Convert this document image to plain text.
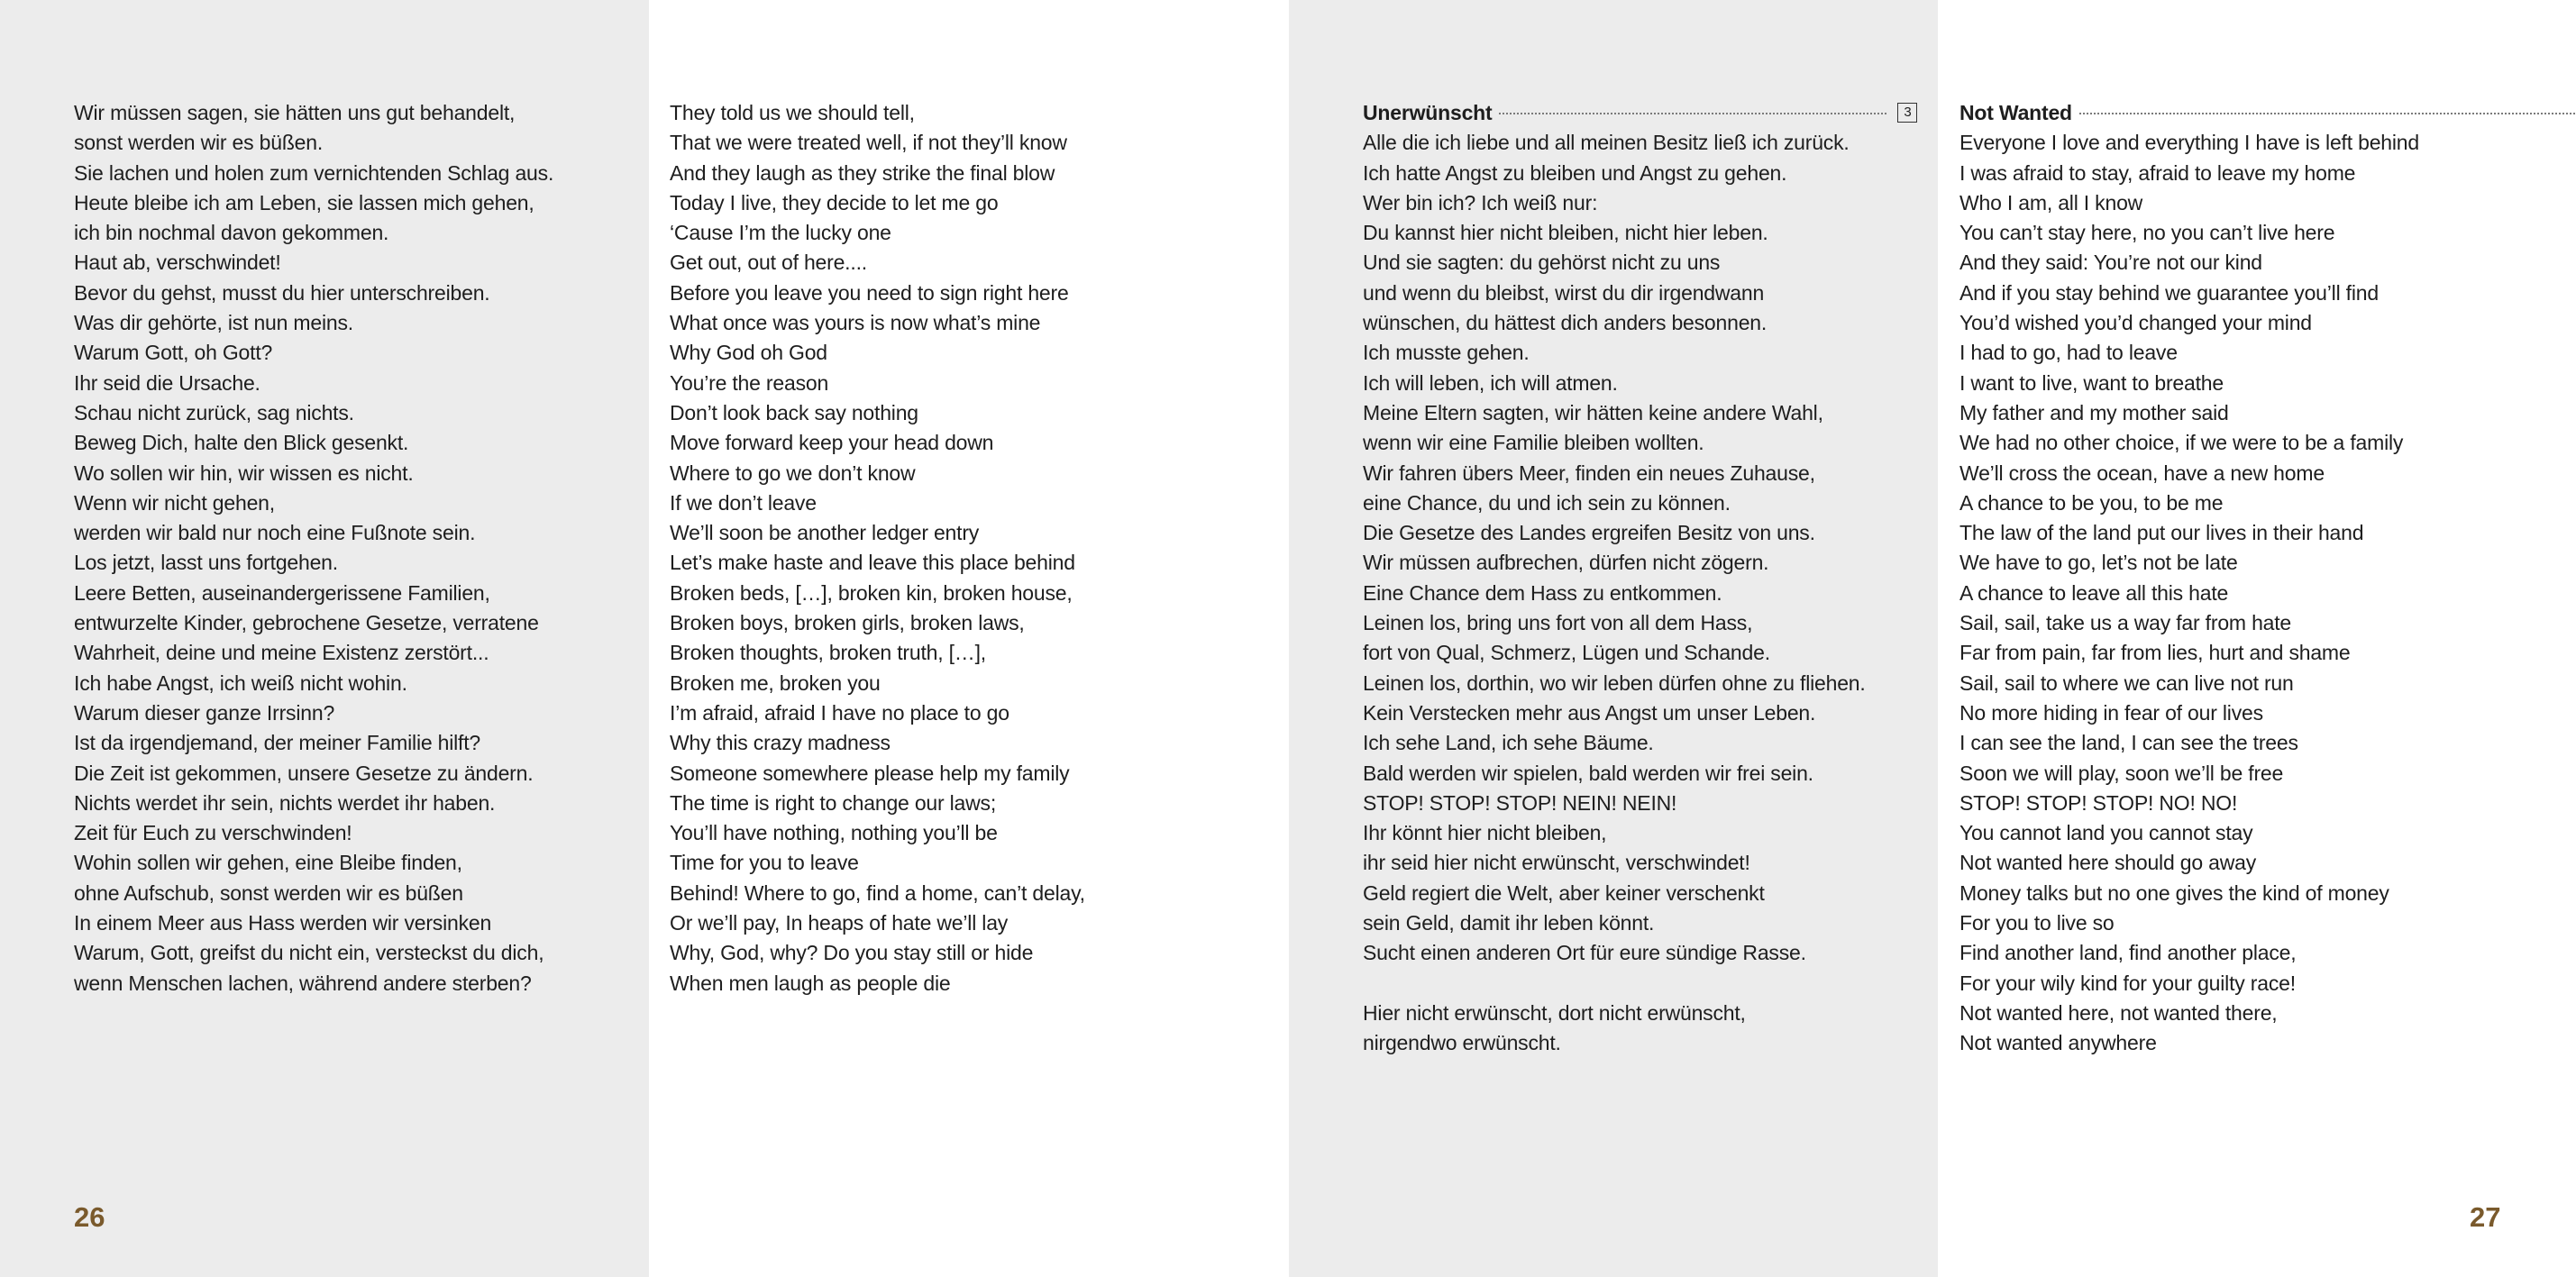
Wir müssen sagen, sie hätten uns gut behandelt,
sonst werden wir es büßen.
Sie lachen und holen zum vernichtenden Schlag aus.
Heute bleibe ich am Leben, sie lassen mich gehen,
ich bin nochmal davon gekommen.
Haut ab, verschwindet!
Bevor du gehst, musst du hier unterschreiben.
Was dir gehörte, ist nun meins.
Warum Gott, oh Gott?
Ihr seid die Ursache.
Schau nicht zurück, sag nichts.
Beweg Dich, halte den Blick gesenkt.
Wo sollen wir hin, wir wissen es nicht.
Wenn wir nicht gehen,
werden wir bald nur noch eine Fußnote sein.
Los jetzt, lasst uns fortgehen.
Leere Betten, auseinandergerissene Familien,
entwurzelte Kinder, gebrochene Gesetze, verratene
Wahrheit, deine und meine Existenz zerstört...
Ich habe Angst, ich weiß nicht wohin.
Warum dieser ganze Irrsinn?
Ist da irgendjemand, der meiner Familie hilft?
Die Zeit ist gekommen, unsere Gesetze zu ändern.
Nichts werdet ihr sein, nichts werdet ihr haben.
Zeit für Euch zu verschwinden!
Wohin sollen wir gehen, eine Bleibe finden,
ohne Aufschub, sonst werden wir es büßen
In einem Meer aus Hass werden wir versinken
Warum, Gott, greifst du nicht ein, versteckst du dich,
wenn Menschen lachen, während andere sterben?
They told us we should tell,
That we were treated well, if not they’ll know
And they laugh as they strike the final blow
Today I live, they decide to let me go
‘Cause I’m the lucky one
Get out, out of here....
Before you leave you need to sign right here
What once was yours is now what’s mine
Why God oh God
You’re the reason
Don’t look back say nothing
Move forward keep your head down
Where to go we don’t know
If we don’t leave
We’ll soon be another ledger entry
Let’s make haste and leave this place behind
Broken beds, […], broken kin, broken house,
Broken boys, broken girls, broken laws,
Broken thoughts, broken truth, […],
Broken me, broken you
I’m afraid, afraid I have no place to go
Why this crazy madness
Someone somewhere please help my family
The time is right to change our laws;
You’ll have nothing, nothing you’ll be
Time for you to leave
Behind! Where to go, find a home, can’t delay,
Or we’ll pay, In heaps of hate we’ll lay
Why, God, why? Do you stay still or hide
When men laugh as people die
Unerwünscht	3
Alle die ich liebe und all meinen Besitz ließ ich zurück.
Ich hatte Angst zu bleiben und Angst zu gehen.
Wer bin ich? Ich weiß nur:
Du kannst hier nicht bleiben, nicht hier leben.
Und sie sagten: du gehörst nicht zu uns
und wenn du bleibst, wirst du dir irgendwann
wünschen, du hättest dich anders besonnen.
Ich musste gehen.
Ich will leben, ich will atmen.
Meine Eltern sagten, wir hätten keine andere Wahl,
wenn wir eine Familie bleiben wollten.
Wir fahren übers Meer, finden ein neues Zuhause,
eine Chance, du und ich sein zu können.
Die Gesetze des Landes ergreifen Besitz von uns.
Wir müssen aufbrechen, dürfen nicht zögern.
Eine Chance dem Hass zu entkommen.
Leinen los, bring uns fort von all dem Hass,
fort von Qual, Schmerz, Lügen und Schande.
Leinen los, dorthin, wo wir leben dürfen ohne zu fliehen.
Kein Verstecken mehr aus Angst um unser Leben.
Ich sehe Land, ich sehe Bäume.
Bald werden wir spielen, bald werden wir frei sein.
STOP! STOP! STOP! NEIN! NEIN!
Ihr könnt hier nicht bleiben,
ihr seid hier nicht erwünscht, verschwindet!
Geld regiert die Welt, aber keiner verschenkt
sein Geld, damit ihr leben könnt.
Sucht einen anderen Ort für eure sündige Rasse.
Hier nicht erwünscht, dort nicht erwünscht,
nirgendwo erwünscht.
Not Wanted
Everyone I love and everything I have is left behind
I was afraid to stay, afraid to leave my home
Who I am, all I know
You can’t stay here, no you can’t live here
And they said: You’re not our kind
And if you stay behind we guarantee you’ll find
You’d wished you’d changed your mind
I had to go, had to leave
I want to live, want to breathe
My father and my mother said
We had no other choice, if we were to be a family
We’ll cross the ocean, have a new home
A chance to be you, to be me
The law of the land put our lives in their hand
We have to go, let’s not be late
A chance to leave all this hate
Sail, sail, take us a way far from hate
Far from pain, far from lies, hurt and shame
Sail, sail to where we can live not run
No more hiding in fear of our lives
I can see the land, I can see the trees
Soon we will play, soon we’ll be free
STOP! STOP! STOP! NO! NO!
You cannot land you cannot stay
Not wanted here should go away
Money talks but no one gives the kind of money
For you to live so
Find another land, find another place,
For your wily kind for your guilty race!
Not wanted here, not wanted there,
Not wanted anywhere
26	27
